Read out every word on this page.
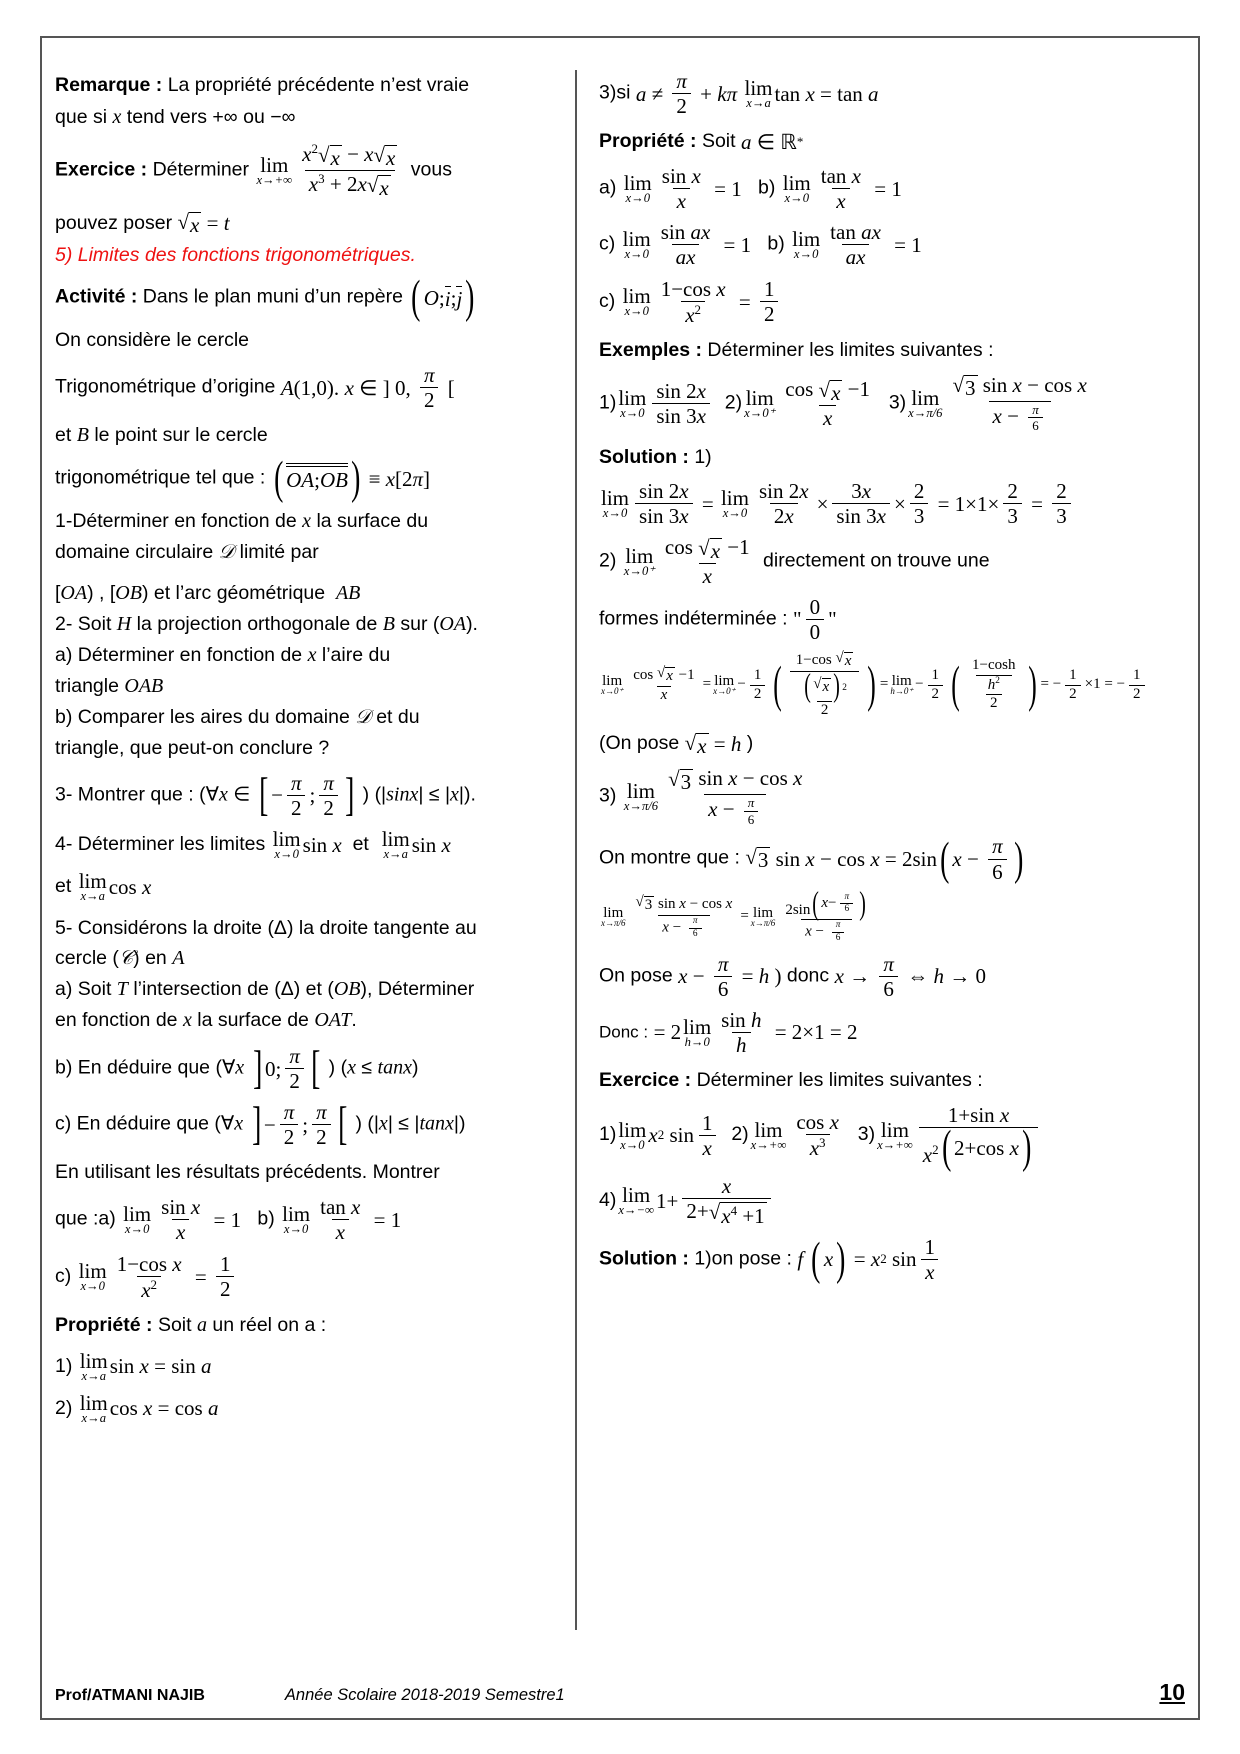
Remarque : La propriété précédente n’est vraie
que si x tend vers +∞ ou −∞
Exercice : Déterminer lim
$x\to+\infty \frac{x^2 √ x - x √ x}{x^3 + 2x √ x}$ vous
pouvez poser √ x = t
5) Limites des fonctions trigonométriques.
Activité : Dans le plan muni d’un repère ( O ; i ; j )
On considère le cercle
Trigonométrique d’origine A (1,0). x ∈ ] 0, $\frac{\pi}{2}$ [
et B le point sur le cercle
trigonométrique tel que : ( OA;OB ) ≡ x [2 π ]
1-Déterminer en fonction de x la surface du
domaine circulaire 𝒟 limité par
[OA) , [OB) et l’arc géométrique  AB
2- Soit H la projection orthogonale de B sur (OA).
a) Déterminer en fonction de x l’aire du
triangle OAB
b) Comparer les aires du domaine 𝒟 et du
triangle, que peut-on conclure ?
3- Montrer que : (∀x ∈ [ − $\frac{\pi}{2}$ ; $\frac{\pi}{2}$ ] ) (|sinx| ≤ |x|).
4- Déterminer les limites lim
x→0 sin
x et lim
x→a sin
x
et lim
x→a cos
x
5- Considérons la droite (Δ) la droite tangente au
cercle (𝒞) en A
a) Soit T l’intersection de (Δ) et (OB), Déterminer
en fonction de x la surface de OAT.
b) En déduire que (∀x ] 0; $\frac{\pi}{2}$ [ ) (x ≤ tanx)
c) En déduire que (∀x ] − $\frac{\pi}{2}$ ; $\frac{\pi}{2}$ [ ) (|x| ≤ |tanx|)
En utilisant les résultats précédents. Montrer
que :a) lim
$x\to 0 \frac{\text{sin x}}{x} = 1$   b) lim
$x\to 0 \frac{\text{tan x}}{x} = 1$
c) lim
$x\to 0 \frac{\text{1−cos x}}{x^2} = \frac{1}{2}$
Propriété : Soit a un réel on a :
1) lim
x→a sin
x = sin
a
2) lim
x→a cos
x = cos
a
3)si $a \ne \frac{\pi}{2} + k\pi$
lim
x→a tan
x = tan
a
Propriété : Soit a ∈ ℝ *
a) lim
$x\to 0 \frac{\text{sin x}}{x} = 1$   b) lim
$x\to 0 \frac{\text{tan x}}{x} = 1$
c) lim
$x\to 0 \frac{\text{sin ax}}{ax} = 1$   b) lim
$x\to 0 \frac{\text{tan ax}}{ax} = 1$
c) lim
$x\to 0 \frac{\text{1−cos x}}{x^2} = \frac{1}{2}$
Exemples : Déterminer les limites suivantes :
1) lim
$x\to 0 \frac{\sin 2x}{\sin 3x} 2$) lim
$x\to 0^+ \frac{\cos √ x -1}{x} 3$) lim
$x\to\pi/6 \frac{\text{√ 3 sin x − cos x}}{x - \frac{\pi}{6}}$
Solution : 1)
lim
$x\to 0 \frac{\sin 2x}{\sin 3x} = \lim$
$x\to 0 \frac{\sin 2x}{2x} \times \frac{3x}{\sin 3x} \times \frac{2}{3} = 1\times 1\times \frac{2}{3} = \frac{2}{3}$
2) lim
$x\to 0^+ \frac{\cos √ x -1}{x}$ directement on trouve une
formes indéterminée : " $\frac{0}{0}$ "
lim
$x\to 0^+ \frac{\cos √ x -1}{x} = \lim$
$x\to 0^+ - \frac{1}{2}$ ( $\frac{1-\cos √ x}{\frac{( √ x ) ^2}{2}}$ ) = lim
$h\to 0^+ - \frac{1}{2}$ ( $\frac{1-\cosh}{\frac{h^2}{2}}$ ) = − $\frac{1}{2} \times 1$ = − $\frac{1}{2}$
(On pose √ x = h )
3) lim
$x\to\pi/6 \frac{\text{√ 3 sin x − cos x}}{x - \frac{\pi}{6}}$
On montre que : √ 3
sin
x − cos
x = 2 sin ( $x - \frac{\pi}{6}$ )
lim
$x\to\pi/6 \frac{\text{√ 3 sin x − cos x}}{x - \frac{\pi}{6}} = \lim$
$x\to\pi/6 \frac{2\sin ( x - \frac{\pi}{6} )}{x - \frac{\pi}{6}}$
On pose $x - \frac{\pi}{6} = h$ ) donc $x \to \frac{\pi}{6}$ ⇔ h → 0
Donc : = 2 lim
$h\to 0 \frac{\text{sin h}}{h} = 2\times 1 = 2$
Exercice : Déterminer les limites suivantes :
1) lim
x→0 x 2
$\sin \frac{1}{x} 2$) lim
$x\to+\infty \frac{\text{cos x}}{x^3} 3$) lim
x→+∞ 1+sin x
$x^2$ ( 2+ cos
x )
4) lim
x→−∞ $1+ \frac{x}{2+ √ x^4 +1}$
Solution : 1)on pose : f
( x ) = x 2
$\sin \frac{1}{x}$
Prof/ATMANI NAJIB	Année Scolaire 2018-2019 Semestre1	10
